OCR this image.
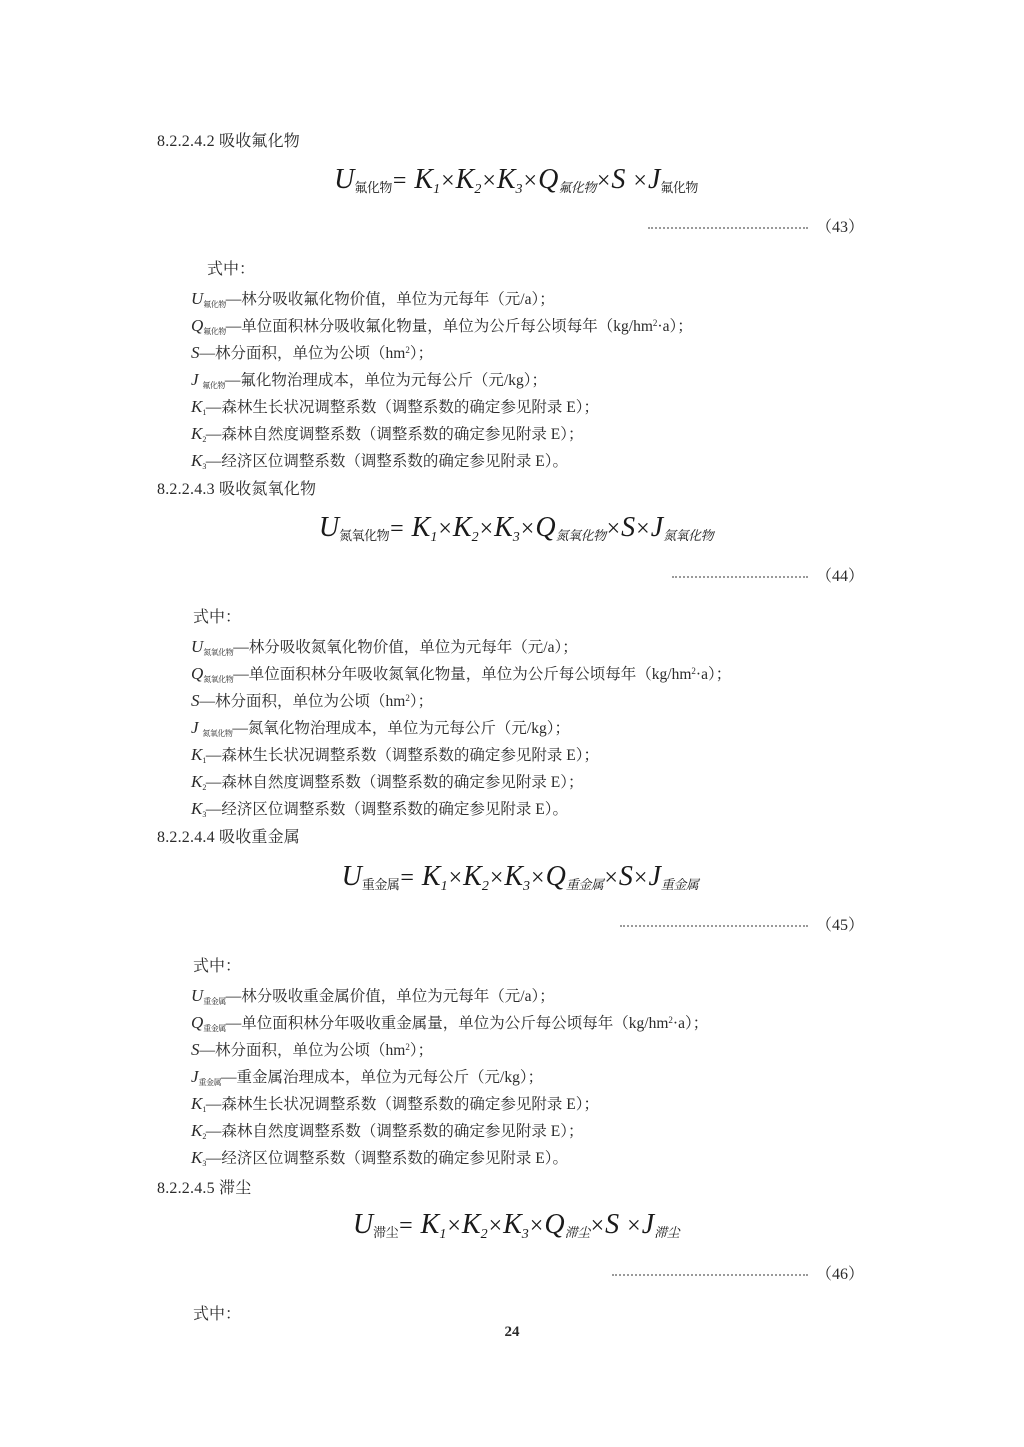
8.2.2.4.2 吸收氟化物
$U_{氟化物}= K1\times K2\times K3\times Q$氟化物$\times S \times J_{氟化物}$
（43）
式中：
U氟化物—林分吸收氟化物价值，单位为元每年（元/a）；
Q氟化物—单位面积林分吸收氟化物量，单位为公斤每公顷每年$(kg/hm^2\cdot a)$；
S—林分面积，单位为公顷$(hm^2)$；
J 氟化物—氟化物治理成本，单位为元每公斤（元/kg）；
K1—森林生长状况调整系数（调整系数的确定参见附录 E）；
K2—森林自然度调整系数（调整系数的确定参见附录 E）；
K3—经济区位调整系数（调整系数的确定参见附录 E）。
8.2.2.4.3 吸收氮氧化物
$U_{氮氧化物}= K1\times K2\times K3\times Q$氮氧化物×S×J氮氧化物
（44）
式中：
U氮氧化物—林分吸收氮氧化物价值，单位为元每年（元/a）；
Q氮氧化物—单位面积林分年吸收氮氧化物量，单位为公斤每公顷每年$(kg/hm^2\cdot a)$；
S—林分面积，单位为公顷$(hm^2)$；
J 氮氧化物—氮氧化物治理成本，单位为元每公斤（元/kg）；
K1—森林生长状况调整系数（调整系数的确定参见附录 E）；
K2—森林自然度调整系数（调整系数的确定参见附录 E）；
K3—经济区位调整系数（调整系数的确定参见附录 E）。
8.2.2.4.4 吸收重金属
$U_{重金属}= K1\times K2\times K3\times Q$重金属×S×J重金属
（45）
式中：
U重金属—林分吸收重金属价值，单位为元每年（元/a）；
Q重金属—单位面积林分年吸收重金属量，单位为公斤每公顷每年$(kg/hm^2\cdot a)$；
S—林分面积，单位为公顷$(hm^2)$；
J重金属—重金属治理成本，单位为元每公斤（元/kg）；
K1—森林生长状况调整系数（调整系数的确定参见附录 E）；
K2—森林自然度调整系数（调整系数的确定参见附录 E）；
K3—经济区位调整系数（调整系数的确定参见附录 E）。
8.2.2.4.5 滞尘
$U_{滞尘}= K1\times K2\times K3\times Q$滞尘×S ×J滞尘
（46）
式中：
24
